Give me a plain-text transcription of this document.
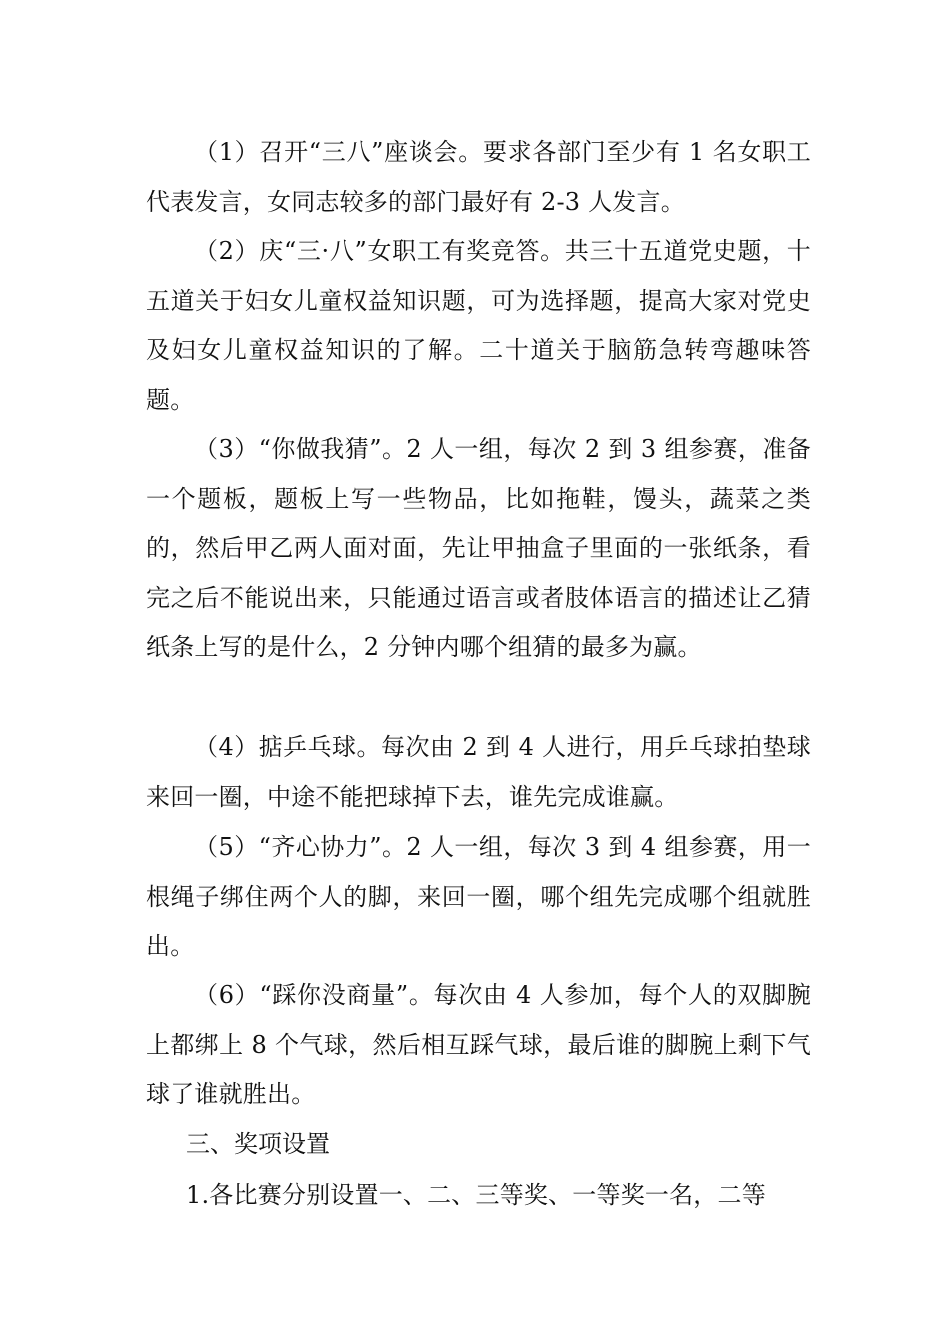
（1）召开“三八”座谈会。要求各部门至少有 1 名女职工代表发言，女同志较多的部门最好有 2-3 人发言。

（2）庆“三·八”女职工有奖竞答。共三十五道党史题，十五道关于妇女儿童权益知识题，可为选择题，提高大家对党史及妇女儿童权益知识的了解。二十道关于脑筋急转弯趣味答题。

（3）“你做我猜”。2 人一组，每次 2 到 3 组参赛，准备一个题板，题板上写一些物品，比如拖鞋，馒头，蔬菜之类的，然后甲乙两人面对面，先让甲抽盒子里面的一张纸条，看完之后不能说出来，只能通过语言或者肢体语言的描述让乙猜纸条上写的是什么，2 分钟内哪个组猜的最多为赢。

（4）掂乒乓球。每次由 2 到 4 人进行，用乒乓球拍垫球来回一圈，中途不能把球掉下去，谁先完成谁赢。

（5）“齐心协力”。2 人一组，每次 3 到 4 组参赛，用一根绳子绑住两个人的脚，来回一圈，哪个组先完成哪个组就胜出。

（6）“踩你没商量”。每次由 4 人参加，每个人的双脚腕上都绑上 8 个气球，然后相互踩气球，最后谁的脚腕上剩下气球了谁就胜出。

三、奖项设置

1.各比赛分别设置一、二、三等奖、一等奖一名，二等
